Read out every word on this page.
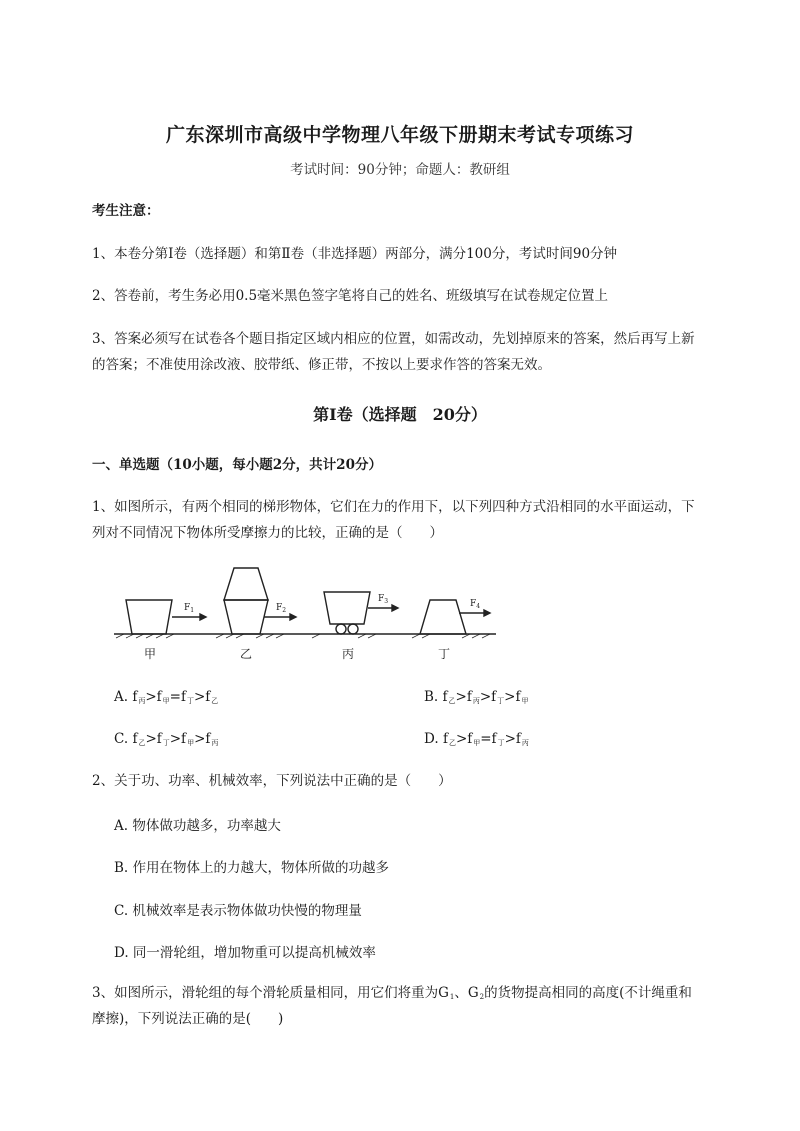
广东深圳市高级中学物理八年级下册期末考试专项练习
考试时间：90分钟；命题人：教研组
考生注意：
1、本卷分第I卷（选择题）和第Ⅱ卷（非选择题）两部分，满分100分，考试时间90分钟
2、答卷前，考生务必用0.5毫米黑色签字笔将自己的姓名、班级填写在试卷规定位置上
3、答案必须写在试卷各个题目指定区域内相应的位置，如需改动，先划掉原来的答案，然后再写上新
的答案；不准使用涂改液、胶带纸、修正带，不按以上要求作答的答案无效。
第I卷（选择题　20分）
一、单选题（10小题，每小题2分，共计20分）
1、如图所示，有两个相同的梯形物体，它们在力的作用下，以下列四种方式沿相同的水平面运动，下
列对不同情况下物体所受摩擦力的比较，正确的是（　　）
$F_1$	$F_2$
$F_3$	$F_4$
甲	乙	丙	丁
A. $f_丙>f_甲=f_丁>f_乙$	B. $f_乙>f_丙>f_丁>f_甲$
C. $f_乙>f_丁>f_甲>f_丙$	D. $f_乙>f_甲=f_丁>f_丙$
2、关于功、功率、机械效率，下列说法中正确的是（　　）
A. 物体做功越多，功率越大
B. 作用在物体上的力越大，物体所做的功越多
C. 机械效率是表示物体做功快慢的物理量
D. 同一滑轮组，增加物重可以提高机械效率
3、如图所示，滑轮组的每个滑轮质量相同，用它们将重为$G_1$、$G_2$的货物提高相同的高度(不计绳重和
摩擦)，下列说法正确的是(　　)
